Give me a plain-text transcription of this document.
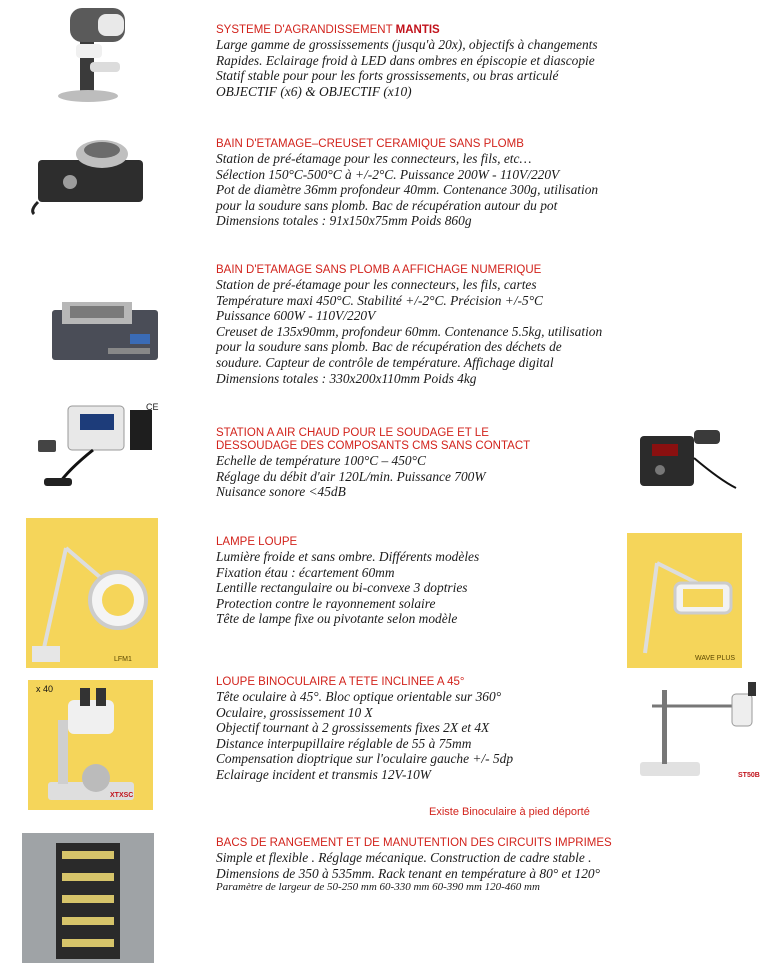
CE
LFM1	WAVE PLUS
x 40
XTXSC
ST50B
SYSTEME D'AGRANDISSEMENT MANTIS
Large gamme de grossissements (jusqu'à 20x), objectifs à changements
Rapides. Eclairage froid à LED dans ombres en épiscopie et diascopie
Statif stable pour pour les forts grossissements, ou bras articulé
OBJECTIF (x6) & OBJECTIF (x10)
BAIN D'ETAMAGE–CREUSET CERAMIQUE SANS PLOMB
Station de pré-étamage pour les connecteurs, les fils, etc…
Sélection 150°C-500°C à +/-2°C. Puissance 200W - 110V/220V
Pot de diamètre 36mm profondeur 40mm. Contenance 300g, utilisation
pour la soudure sans plomb. Bac de récupération autour du pot
Dimensions totales : 91x150x75mm Poids 860g
BAIN D'ETAMAGE SANS PLOMB A AFFICHAGE NUMERIQUE
Station de pré-étamage pour les connecteurs, les fils, cartes
Température maxi 450°C. Stabilité +/-2°C. Précision +/-5°C
Puissance 600W - 110V/220V
Creuset de 135x90mm, profondeur 60mm. Contenance 5.5kg, utilisation
pour la soudure sans plomb. Bac de récupération des déchets de
soudure. Capteur de contrôle de température. Affichage digital
Dimensions totales : 330x200x110mm Poids 4kg
STATION A AIR CHAUD POUR LE SOUDAGE ET LE
DESSOUDAGE DES COMPOSANTS CMS SANS CONTACT
Echelle de température 100°C – 450°C
Réglage du débit d'air 120L/min. Puissance 700W
Nuisance sonore <45dB
LAMPE LOUPE
Lumière froide et sans ombre. Différents modèles
Fixation étau : écartement 60mm
Lentille rectangulaire ou bi-convexe 3 doptries
Protection contre le rayonnement solaire
Tête de lampe fixe ou pivotante selon modèle
LOUPE BINOCULAIRE A TETE INCLINEE A 45°
Tête oculaire à 45°. Bloc optique orientable sur 360°
Oculaire, grossissement 10 X
Objectif tournant à 2 grossissements fixes 2X et 4X
Distance interpupillaire réglable de 55 à 75mm
Compensation dioptrique sur l'oculaire gauche +/- 5dp
Eclairage incident et transmis 12V-10W
Existe Binoculaire à pied déporté
BACS DE RANGEMENT ET DE MANUTENTION DES CIRCUITS IMPRIMES
Simple et flexible . Réglage mécanique. Construction de cadre stable .
Dimensions de 350 à 535mm. Rack tenant en température à 80° et 120°
Paramètre de largeur de 50-250 mm 60-330 mm 60-390 mm 120-460 mm
